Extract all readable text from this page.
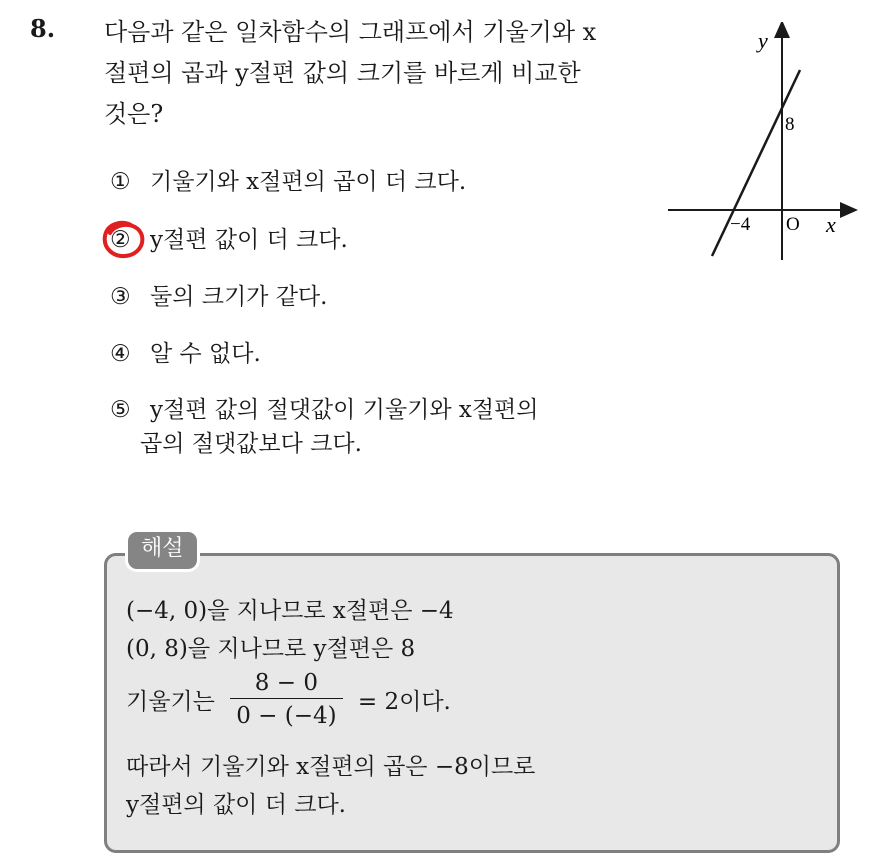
8. 다음과 같은 일차함수의 그래프에서 기울기와 x
절편의 곱과 y절편 값의 크기를 바르게 비교한
것은?
y
x
8
−4 O
① 기울기와 x절편의 곱이 더 크다.
② y절편 값이 더 크다.
③ 둘의 크기가 같다.
④ 알 수 없다.
⑤ y절편 값의 절댓값이 기울기와 x절편의
곱의 절댓값보다 크다.
해설
(−4, 0)을 지나므로 x절편은 −4
(0, 8)을 지나므로 y절편은 8
기울기는 $\frac{8 - 0}{0 - (-4)} = 2$이다.
따라서 기울기와 x절편의 곱은 −8이므로
y절편의 값이 더 크다.
